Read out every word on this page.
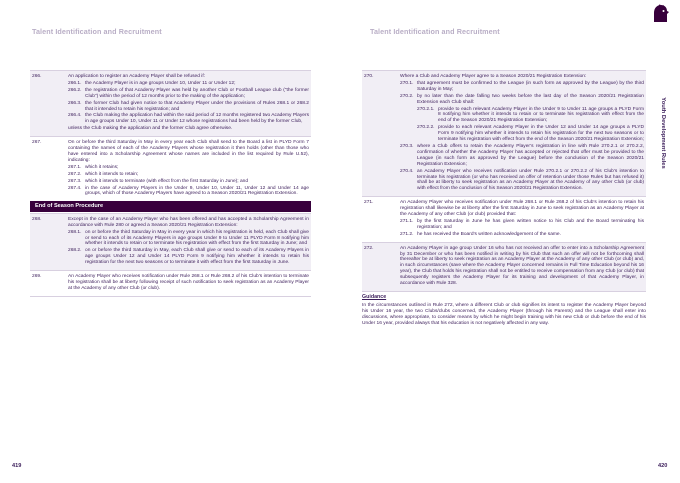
Talent Identification and Recruitment
419
266.	An application to register an Academy Player shall be refused if:
266.1. the Academy Player is in age groups Under 10, Under 11 or Under 12;
266.2. the registration of that Academy Player was held by another Club or Football League club (“the former Club”) within the period of 12 months prior to the making of the application;
266.3. the former Club had given notice to that Academy Player under the provisions of Rules 268.1 or 268.2 that it intended to retain his registration; and
266.4. the Club making the application had within the said period of 12 months registered two Academy Players in age groups Under 10, Under 11 or Under 12 whose registrations had been held by the former Club,
unless the Club making the application and the former Club agree otherwise.
267.	On or before the third Saturday in May in every year each Club shall send to the Board a list in PLYD Form 7 containing the names of each of the Academy Players whose registration it then holds (other than those who have entered into a Scholarship Agreement whose names are included in the list required by Rule U.52), indicating:
267.1. which it retains;
267.2. which it intends to retain;
267.3. which it intends to terminate (with effect from the first Saturday in June); and
267.4. in the case of Academy Players in the Under 9, Under 10, Under 11, Under 12 and Under 14 age groups, which of those Academy Players have agreed to a Season 2020/21 Registration Extension.
End of Season Procedure
268.	Except in the case of an Academy Player who has been offered and has accepted a Scholarship Agreement in accordance with Rule 280 or agreed a Season 2020/21 Registration Extension:
268.1. on or before the third Saturday in May in every year in which his registration is held, each Club shall give or send to each of its Academy Players in age groups Under 9 to Under 11 PLYD Form 8 notifying him whether it intends to retain or to terminate his registration with effect from the first Saturday in June; and
268.2. on or before the third Saturday in May, each Club shall give or send to each of its Academy Players in age groups Under 12 and Under 14 PLYD Form 9 notifying him whether it intends to retain his registration for the next two seasons or to terminate it with effect from the first Saturday in June.
269.	An Academy Player who receives notification under Rule 268.1 or Rule 268.2 of his Club’s intention to terminate his registration shall be at liberty following receipt of such notification to seek registration as an Academy Player at the Academy of any other Club (or club).
Talent Identification and Recruitment
Youth Development Rules
420
270.	Where a Club and Academy Player agree to a Season 2020/21 Registration Extension:
270.1. that agreement must be confirmed to the League (in such form as approved by the League) by the third Saturday in May;
270.2. by no later than the date falling two weeks before the last day of the Season 2020/21 Registration Extension each Club shall:
270.2.1. provide to each relevant Academy Player in the Under 9 to Under 11 age groups a PLYD Form 8 notifying him whether it intends to retain or to terminate his registration with effect from the end of the Season 2020/21 Registration Extension;
270.2.2. provide to each relevant Academy Player in the Under 12 and Under 14 age groups a PLYD Form 9 notifying him whether it intends to retain his registration for the next two seasons or to terminate his registration with effect from the end of the Season 2020/21 Registration Extension;
270.3. where a Club offers to retain the Academy Player’s registration in line with Rule 270.2.1 or 270.2.2, confirmation of whether the Academy Player has accepted or rejected that offer must be provided to the League (in such form as approved by the League) before the conclusion of the Season 2020/21 Registration Extension;
270.4. an Academy Player who receives notification under Rule 270.2.1 or 270.2.2 of his Club’s intention to terminate his registration (or who has received an offer of retention under those Rules but has refused it) shall be at liberty to seek registration as an Academy Player at the Academy of any other Club (or club) with effect from the conclusion of his Season 2020/21 Registration Extension.
271.	An Academy Player who receives notification under Rule 268.1 or Rule 268.2 of his Club’s intention to retain his registration shall likewise be at liberty after the first Saturday in June to seek registration as an Academy Player at the Academy of any other Club (or club) provided that:
271.1. by the first Saturday in June he has given written notice to his Club and the Board terminating his registration; and
271.2. he has received the Board’s written acknowledgement of the same.
272.	An Academy Player in age group Under 16 who has not received an offer to enter into a Scholarship Agreement by 31 December or who has been notified in writing by his Club that such an offer will not be forthcoming shall thereafter be at liberty to seek registration as an Academy Player at the Academy of any other Club (or club) and, in such circumstances (save where the Academy Player concerned remains in Full Time Education beyond his 16 year), the Club that holds his registration shall not be entitled to receive compensation from any Club (or club) that subsequently registers the Academy Player for its training and development of that Academy Player, in accordance with Rule 328.
Guidance
In the circumstances outlined in Rule 272, where a different Club or club signifies its intent to register the Academy Player beyond his Under 16 year, the two Clubs/clubs concerned, the Academy Player (through his Parents) and the League shall enter into discussions, where appropriate, to consider means by which he might begin training with his new Club or club before the end of his Under 16 year, provided always that his education is not negatively affected in any way.
